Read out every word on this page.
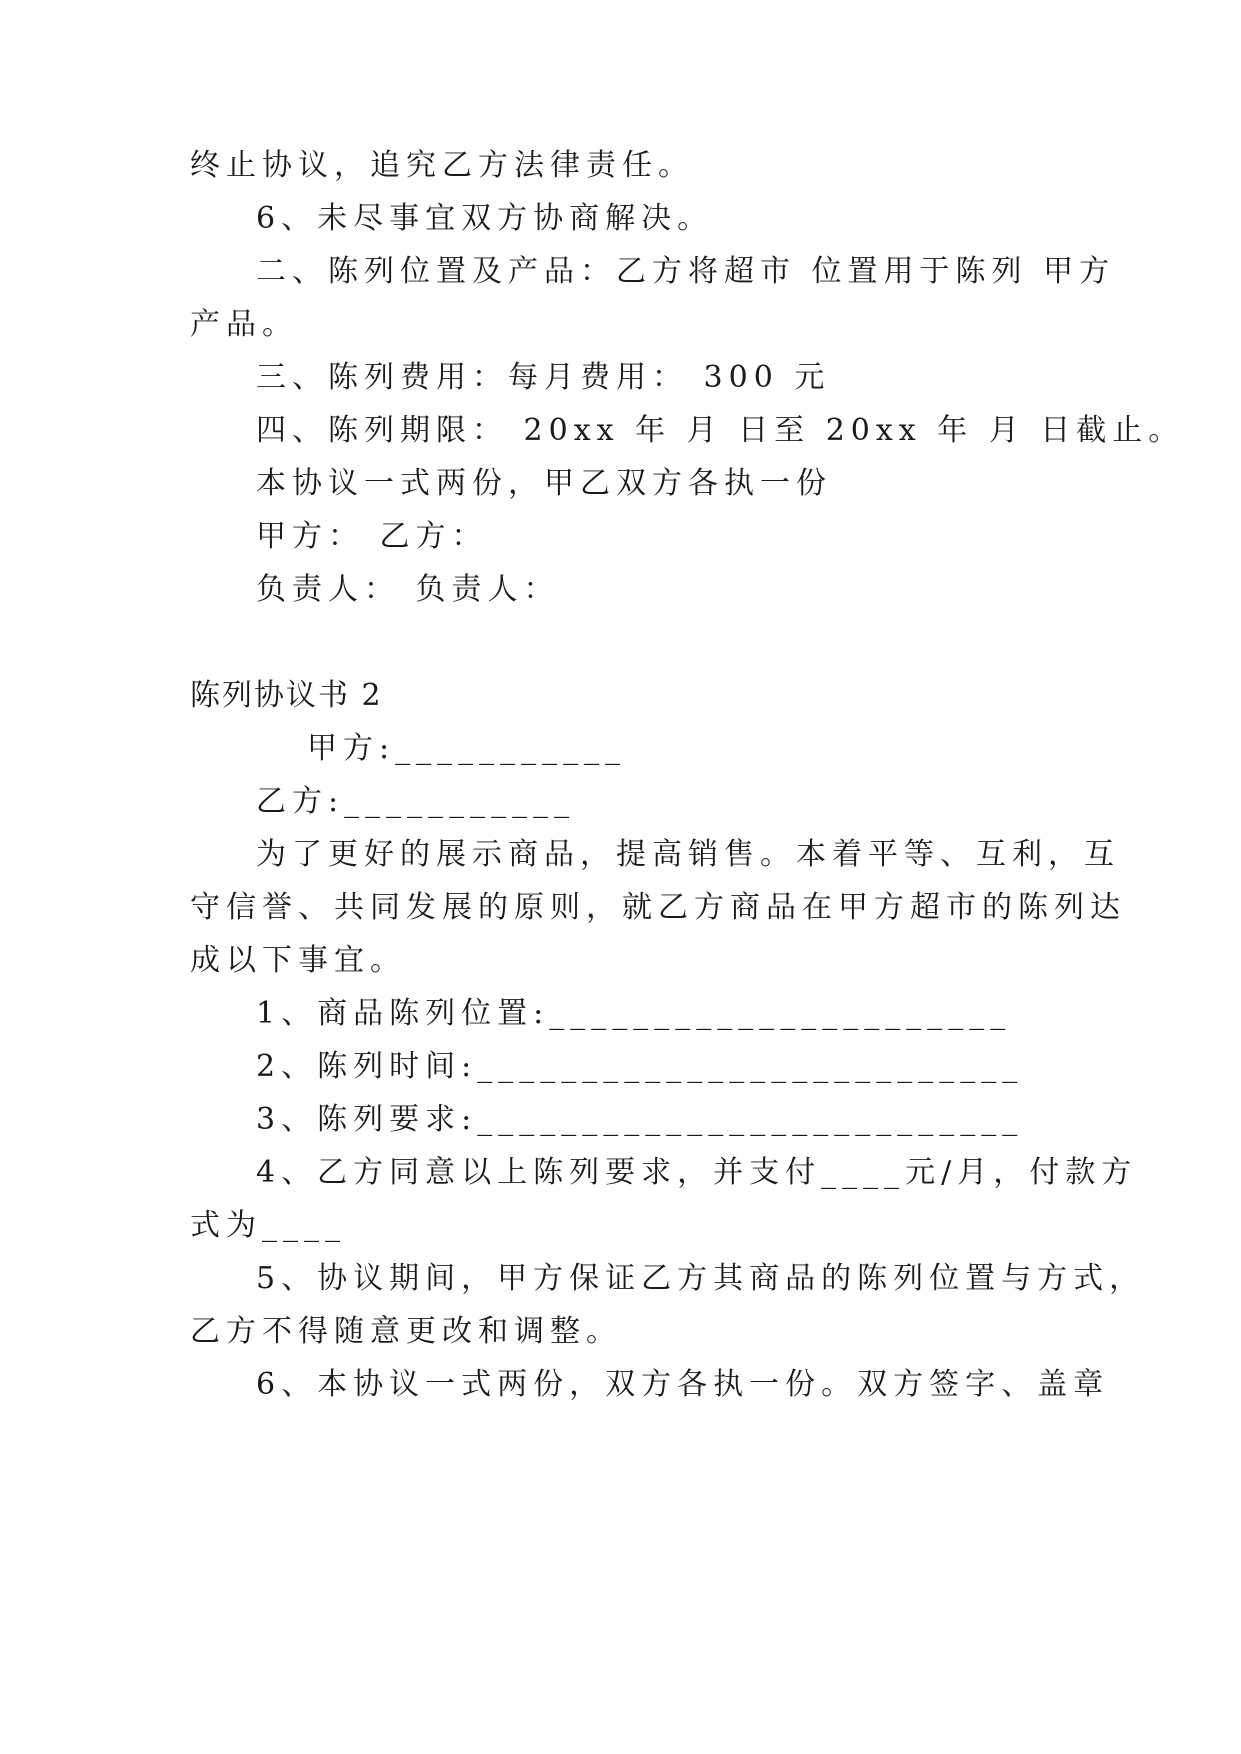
终止协议，追究乙方法律责任。
6、未尽事宜双方协商解决。
二、陈列位置及产品：乙方将超市 位置用于陈列 甲方
产品。
三、陈列费用：每月费用： 300 元
四、陈列期限： 20xx 年 月 日至 20xx 年 月 日截止。
本协议一式两份，甲乙双方各执一份
甲方： 乙方：
负责人： 负责人：
陈列协议书 2
甲方:___________
乙方:___________
为了更好的展示商品，提高销售。本着平等、互利，互
守信誉、共同发展的原则，就乙方商品在甲方超市的陈列达
成以下事宜。
1、商品陈列位置:______________________
2、陈列时间:__________________________
3、陈列要求:__________________________
4、乙方同意以上陈列要求，并支付____元/月，付款方
式为____
5、协议期间，甲方保证乙方其商品的陈列位置与方式，
乙方不得随意更改和调整。
6、本协议一式两份，双方各执一份。双方签字、盖章
